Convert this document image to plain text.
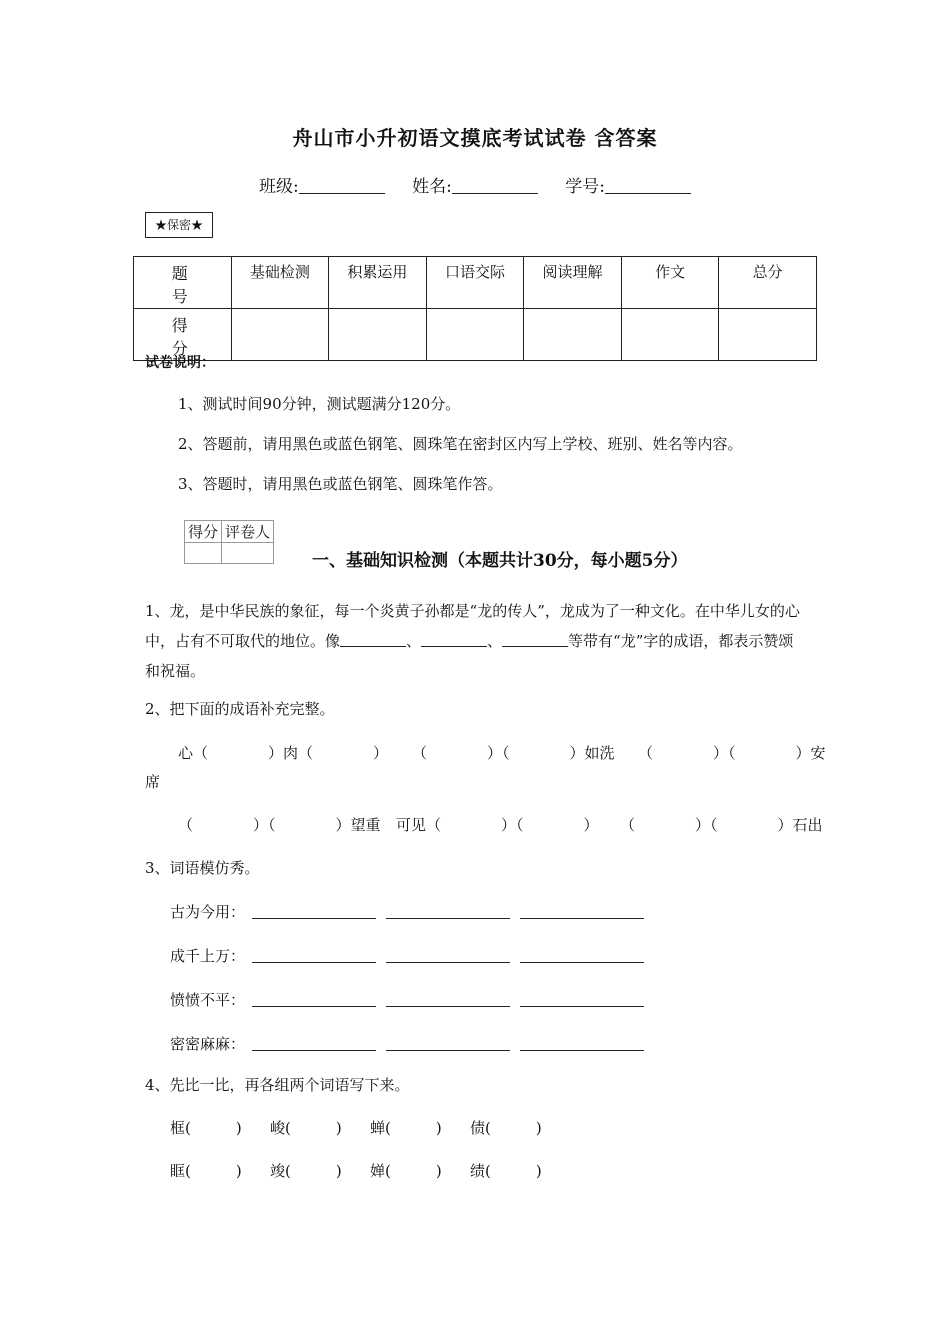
舟山市小升初语文摸底考试试卷 含答案
班级:	姓名:	学号:
★保密★
题　号	基础检测	积累运用	口语交际	阅读理解	作文	总分
得　分						
试卷说明：
1、测试时间90分钟，测试题满分120分。
2、答题前，请用黑色或蓝色钢笔、圆珠笔在密封区内写上学校、班别、姓名等内容。
3、答题时，请用黑色或蓝色钢笔、圆珠笔作答。
得分	评卷人

一、基础知识检测（本题共计30分，每小题5分）
1、龙，是中华民族的象征，每一个炎黄子孙都是“龙的传人”，龙成为了一种文化。在中华儿女的心中，占有不可取代的地位。像	、	、	等带有“龙”字的成语，都表示赞颂和祝福。
2、把下面的成语补充完整。
心（　　　　）肉（　　　　） （　　　　）（　　　　）如洗 （　　　　）（　　　　）安
席
（　　　　）（　　　　）望重 可见（　　　　）（　　　　） （　　　　）（　　　　）石出
3、词语模仿秀。
古为今用：
成千上万：
愤愤不平：
密密麻麻：
4、先比一比，再各组两个词语写下来。
框(　　　) 峻(　　　) 蝉(　　　) 债(　　　)
眶(　　　) 竣(　　　) 婵(　　　) 绩(　　　)
